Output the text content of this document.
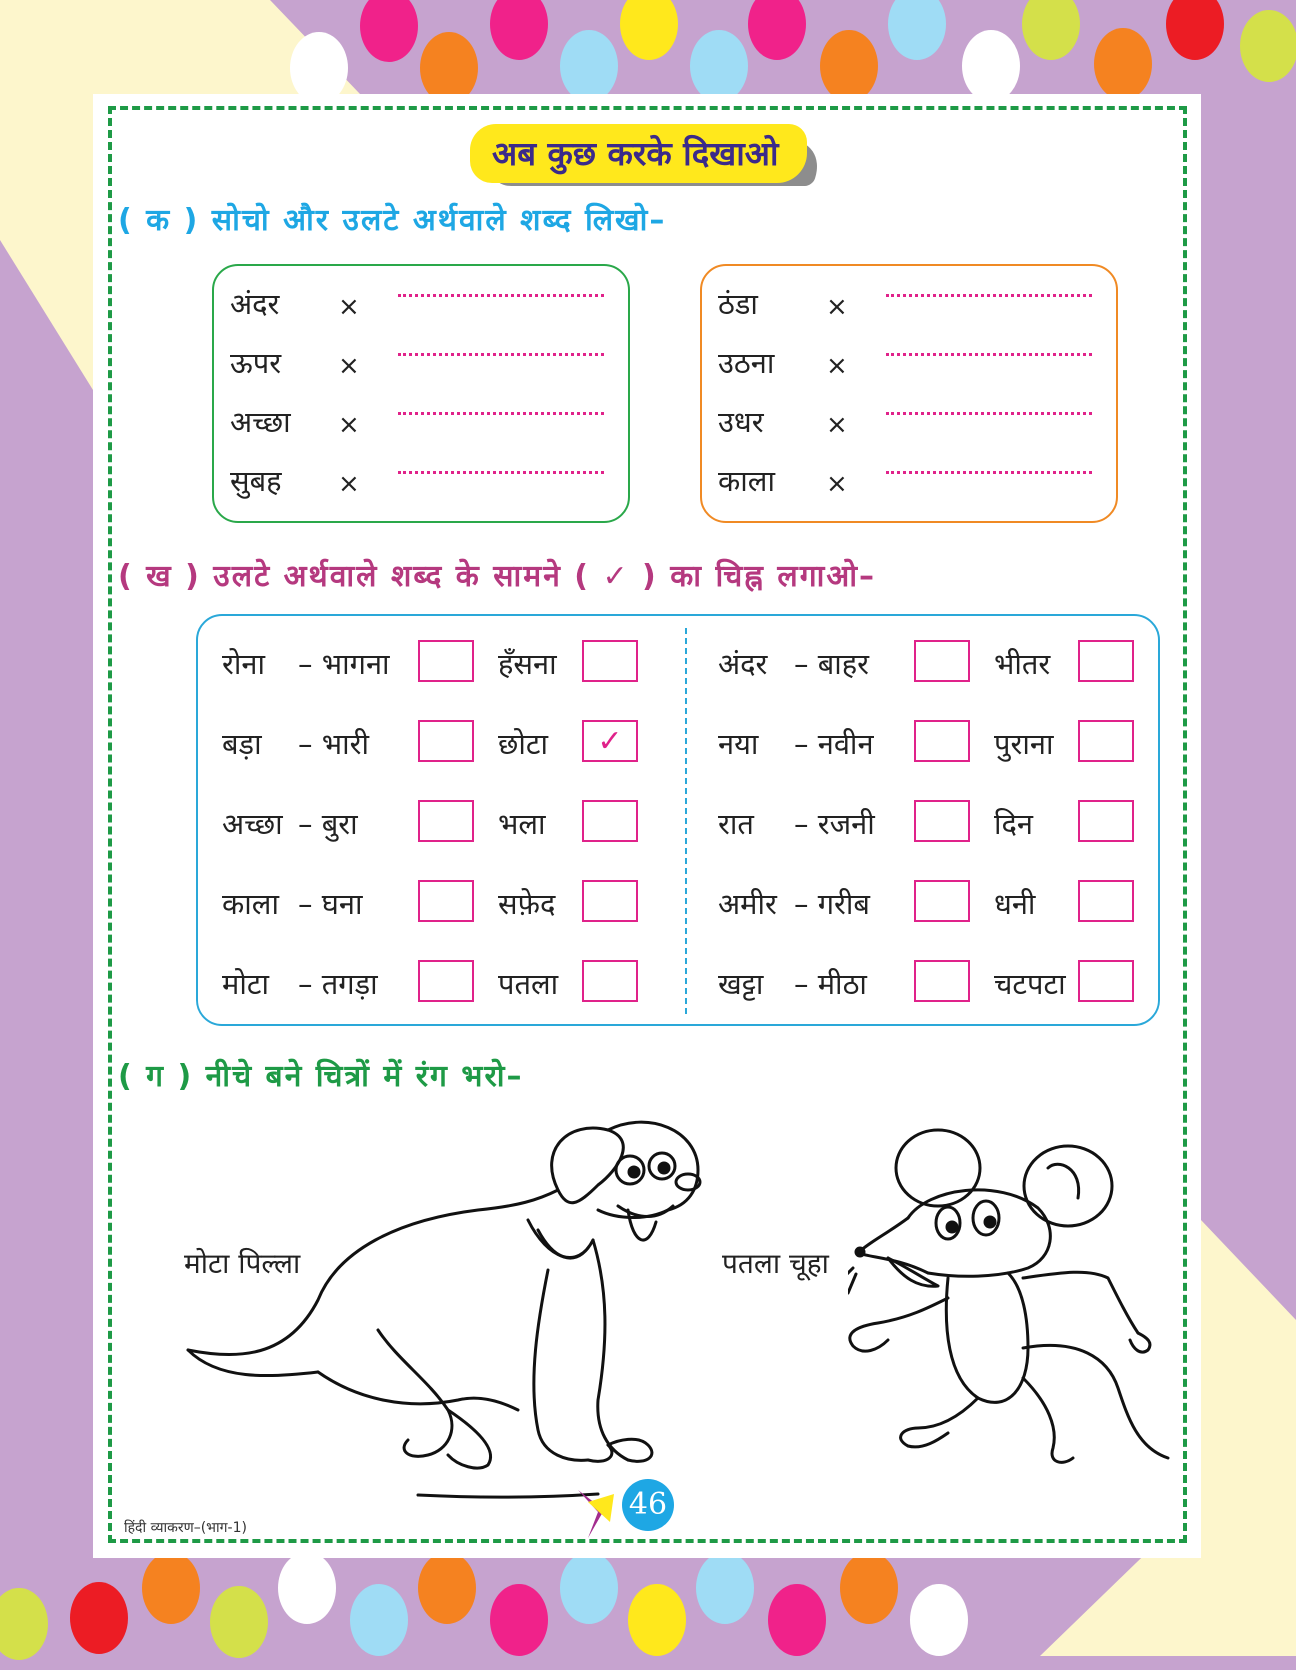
अब कुछ करके दिखाओ
( क ) सोचो और उलटे अर्थवाले शब्द लिखो–
अंदर ×
ऊपर ×
अच्छा ×
सुबह ×
ठंडा	×
उठना ×
उधर ×
काला ×
( ख ) उलटे अर्थवाले शब्द के सामने ( ✓ ) का चिह्न लगाओ–
रोना – भागना	हँसना
बड़ा – भारी	छोटा	✓
अच्छा – बुरा	भला
काला – घना	सफ़ेद
मोटा – तगड़ा	पतला
अंदर – बाहर	भीतर
नया – नवीन	पुराना
रात – रजनी	दिन
अमीर – गरीब	धनी
खट्टा – मीठा	चटपटा
( ग ) नीचे बने चित्रों में रंग भरो–
मोटा पिल्ला	पतला चूहा
46
हिंदी व्याकरण–(भाग-1)
